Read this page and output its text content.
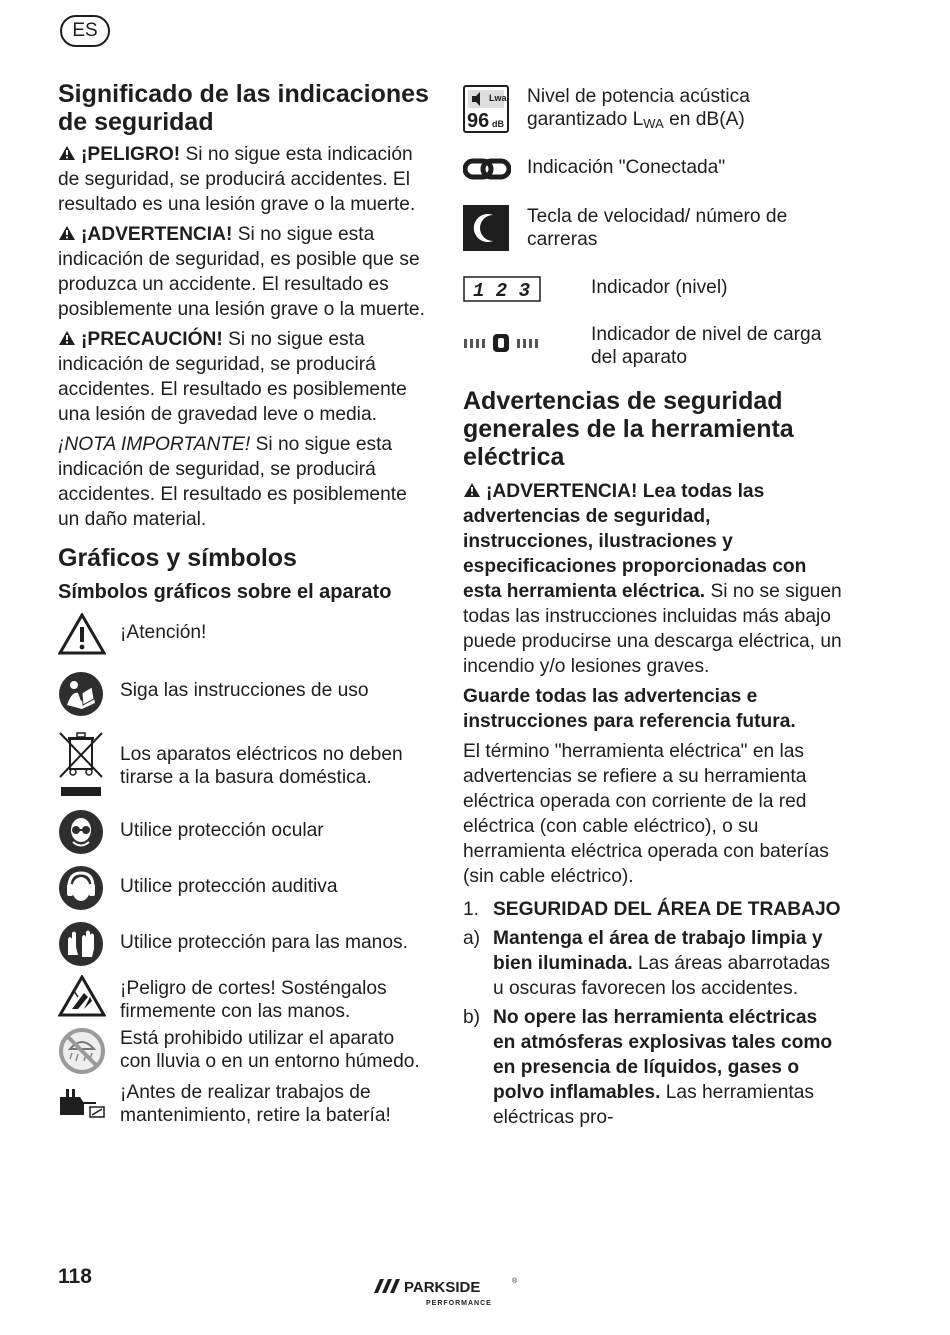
ES
Significado de las indicaciones de seguridad

¡PELIGRO! Si no sigue esta indicación de seguridad, se producirá accidentes. El resultado es una lesión grave o la muerte.

¡ADVERTENCIA! Si no sigue esta indicación de seguridad, es posible que se produzca un accidente. El resultado es posiblemente una lesión grave o la muerte.

¡PRECAUCIÓN! Si no sigue esta indicación de seguridad, se producirá accidentes. El resultado es posiblemente una lesión de gravedad leve o media.

¡NOTA IMPORTANTE! Si no sigue esta indicación de seguridad, se producirá accidentes. El resultado es posiblemente un daño material.

Gráficos y símbolos
Símbolos gráficos sobre el aparato
¡Atención!
Siga las instrucciones de uso
Los aparatos eléctricos no deben tirarse a la basura doméstica.
Utilice protección ocular
Utilice protección auditiva
Utilice protección para las manos.
¡Peligro de cortes! Sosténgalos firmemente con las manos.
Está prohibido utilizar el aparato con lluvia o en un entorno húmedo.
¡Antes de realizar trabajos de mantenimiento, retire la batería!
Lwa
96 dB
Nivel de potencia acústica garantizado $L_{WA}$ en dB(A)
Indicación "Conectada"
Tecla de velocidad/ número de carreras
1 2 3	Indicador (nivel)
Indicador de nivel de carga del aparato
Advertencias de seguridad generales de la herramienta eléctrica

¡ADVERTENCIA! Lea todas las advertencias de seguridad, instrucciones, ilustraciones y especificaciones proporcionadas con esta herramienta eléctrica. Si no se siguen todas las instrucciones incluidas más abajo puede producirse una descarga eléctrica, un incendio y/o lesiones graves.

Guarde todas las advertencias e instrucciones para referencia futura.

El término "herramienta eléctrica" en las advertencias se refiere a su herramienta eléctrica operada con corriente de la red eléctrica (con cable eléctrico), o su herramienta eléctrica operada con baterías (sin cable eléctrico).

1. SEGURIDAD DEL ÁREA DE TRABAJO
a) Mantenga el área de trabajo limpia y bien iluminada. Las áreas abarrotadas u oscuras favorecen los accidentes.
b) No opere las herramienta eléctricas en atmósferas explosivas tales como en presencia de líquidos, gases o polvo inflamables. Las herramientas eléctricas pro-
118	PARKSIDE	®
PERFORMANCE
